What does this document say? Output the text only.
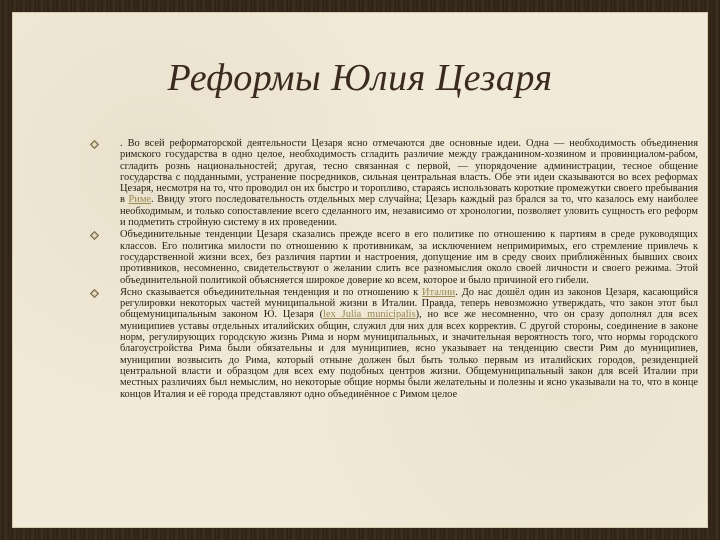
Реформы Юлия Цезаря

. Во всей реформаторской деятельности Цезаря ясно отмечаются две основные идеи. Одна — необходимость объединения римского государства в одно целое, необходимость сгладить различие между гражданином-хозяином и провинциалом-рабом, сгладить рознь национальностей; другая, тесно связанная с первой, — упорядочение администрации, тесное общение государства с подданными, устранение посредников, сильная центральная власть. Обе эти идеи сказываются во всех реформах Цезаря, несмотря на то, что проводил он их быстро и торопливо, стараясь использовать короткие промежутки своего пребывания в Риме. Ввиду этого последовательность отдельных мер случайна; Цезарь каждый раз брался за то, что казалось ему наиболее необходимым, и только сопоставление всего сделанного им, независимо от хронологии, позволяет уловить сущность его реформ и подметить стройную систему в их проведении.

Объединительные тенденции Цезаря сказались прежде всего в его политике по отношению к партиям в среде руководящих классов. Его политика милости по отношению к противникам, за исключением непримиримых, его стремление привлечь к государственной жизни всех, без различия партии и настроения, допущение им в среду своих приближённых бывших своих противников, несомненно, свидетельствуют о желании слить все разномыслия около своей личности и своего режима. Этой объединительной политикой объясняется широкое доверие ко всем, которое и было причиной его гибели.

Ясно сказывается объединительная тенденция и по отношению к Италии. До нас дошёл один из законов Цезаря, касающийся регулировки некоторых частей муниципальной жизни в Италии. Правда, теперь невозможно утверждать, что закон этот был общемуниципальным законом Ю. Цезаря (lex Julia municipalis), но все же несомненно, что он сразу дополнял для всех муниципиев уставы отдельных италийских общин, служил для них для всех корректив. С другой стороны, соединение в законе норм, регулирующих городскую жизнь Рима и норм муниципальных, и значительная вероятность того, что нормы городского благоустройства Рима были обязательны и для муниципиев, ясно указывает на тенденцию свести Рим до муниципиев, муниципии возвысить до Рима, который отныне должен был быть только первым из италийских городов, резиденцией центральной власти и образцом для всех ему подобных центров жизни. Общемуниципальный закон для всей Италии при местных различиях был немыслим, но некоторые общие нормы были желательны и полезны и ясно указывали на то, что в конце концов Италия и её города представляют одно объединённое с Римом целое
